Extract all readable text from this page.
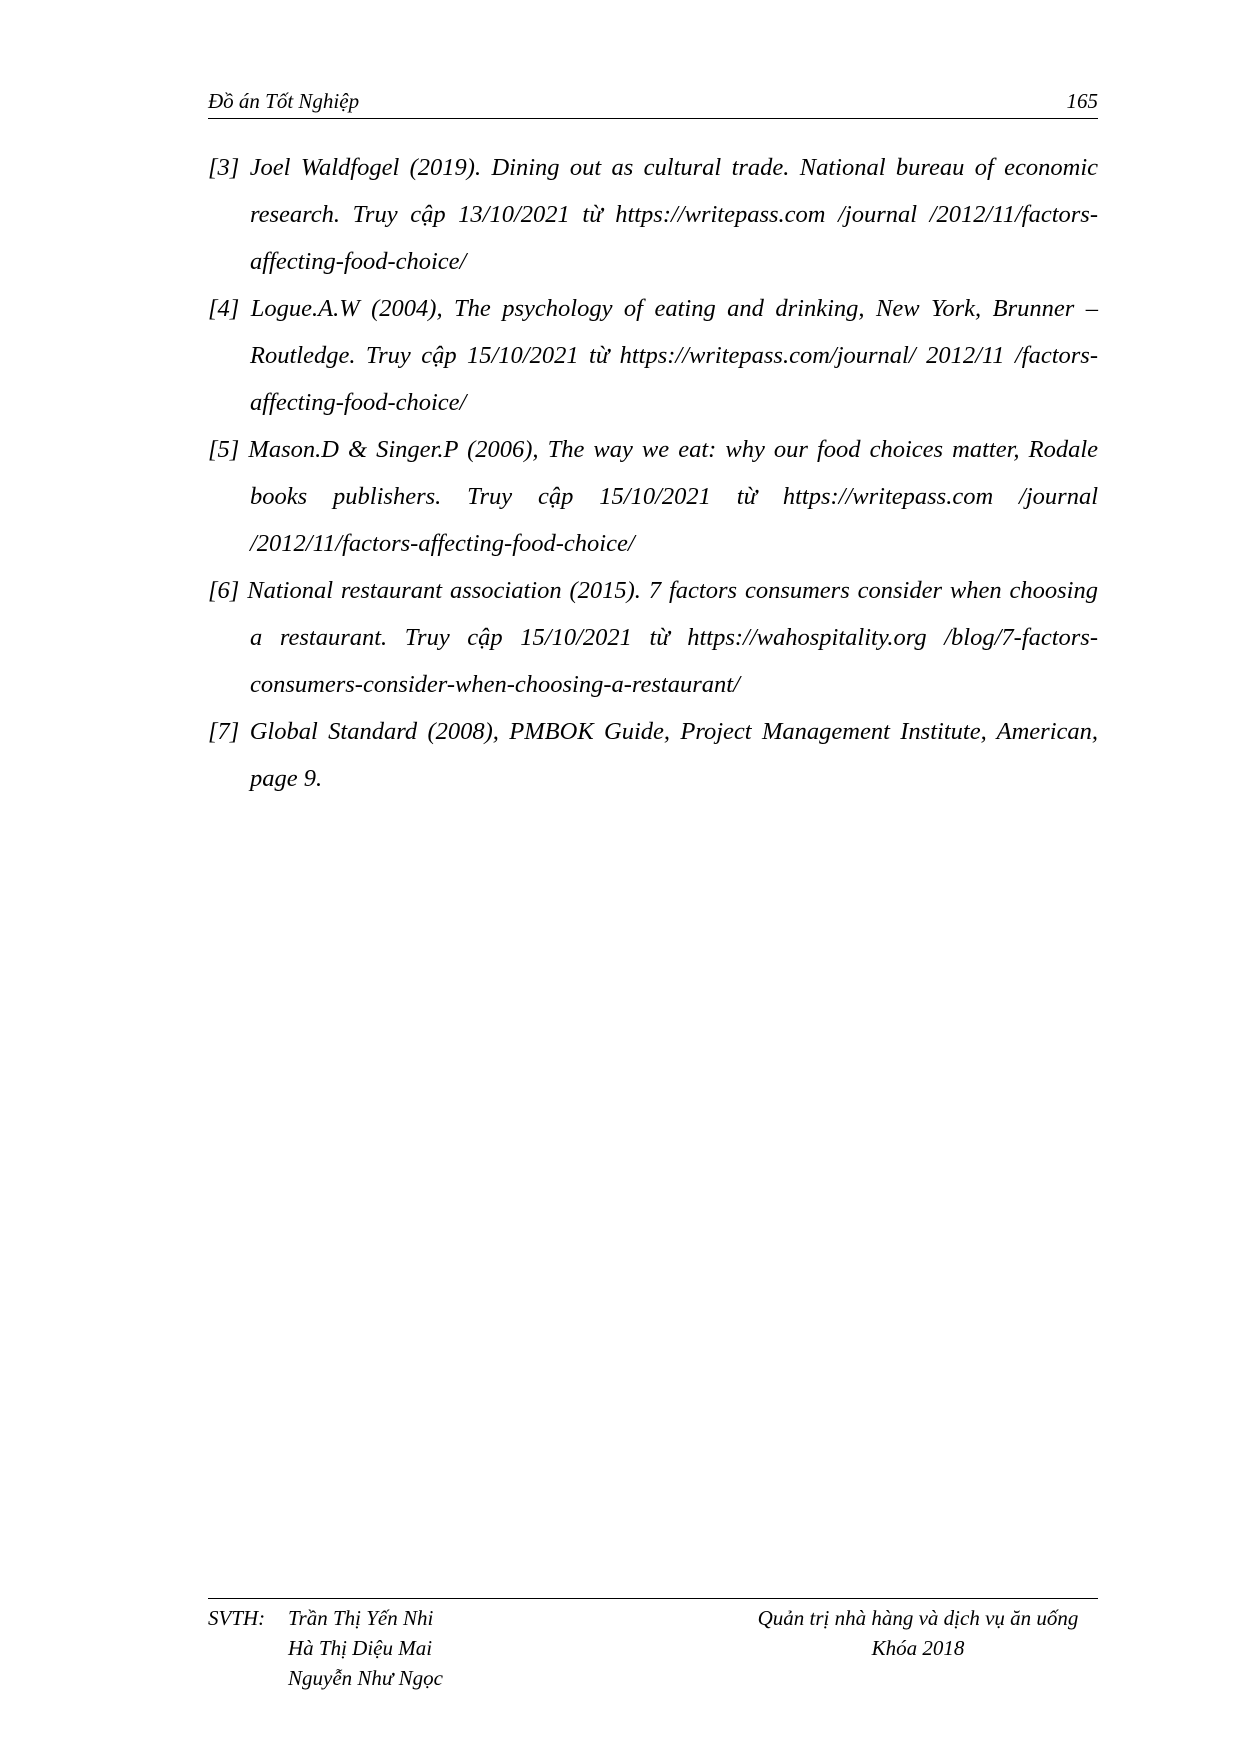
Đồ án Tốt Nghiệp	165
[3] Joel Waldfogel (2019). Dining out as cultural trade. National bureau of economic research. Truy cập 13/10/2021 từ https://writepass.com /journal /2012/11/factors-affecting-food-choice/
[4] Logue.A.W (2004), The psychology of eating and drinking, New York, Brunner – Routledge. Truy cập 15/10/2021 từ https://writepass.com/journal/ 2012/11 /factors-affecting-food-choice/
[5] Mason.D & Singer.P (2006), The way we eat: why our food choices matter, Rodale books publishers. Truy cập 15/10/2021 từ https://writepass.com /journal /2012/11/factors-affecting-food-choice/
[6] National restaurant association (2015). 7 factors consumers consider when choosing a restaurant. Truy cập 15/10/2021 từ https://wahospitality.org /blog/7-factors-consumers-consider-when-choosing-a-restaurant/
[7] Global Standard (2008), PMBOK Guide, Project Management Institute, American, page 9.
SVTH: Trần Thị Yến Nhi
Hà Thị Diệu Mai
Nguyễn Như Ngọc
Quản trị nhà hàng và dịch vụ ăn uống
Khóa 2018
